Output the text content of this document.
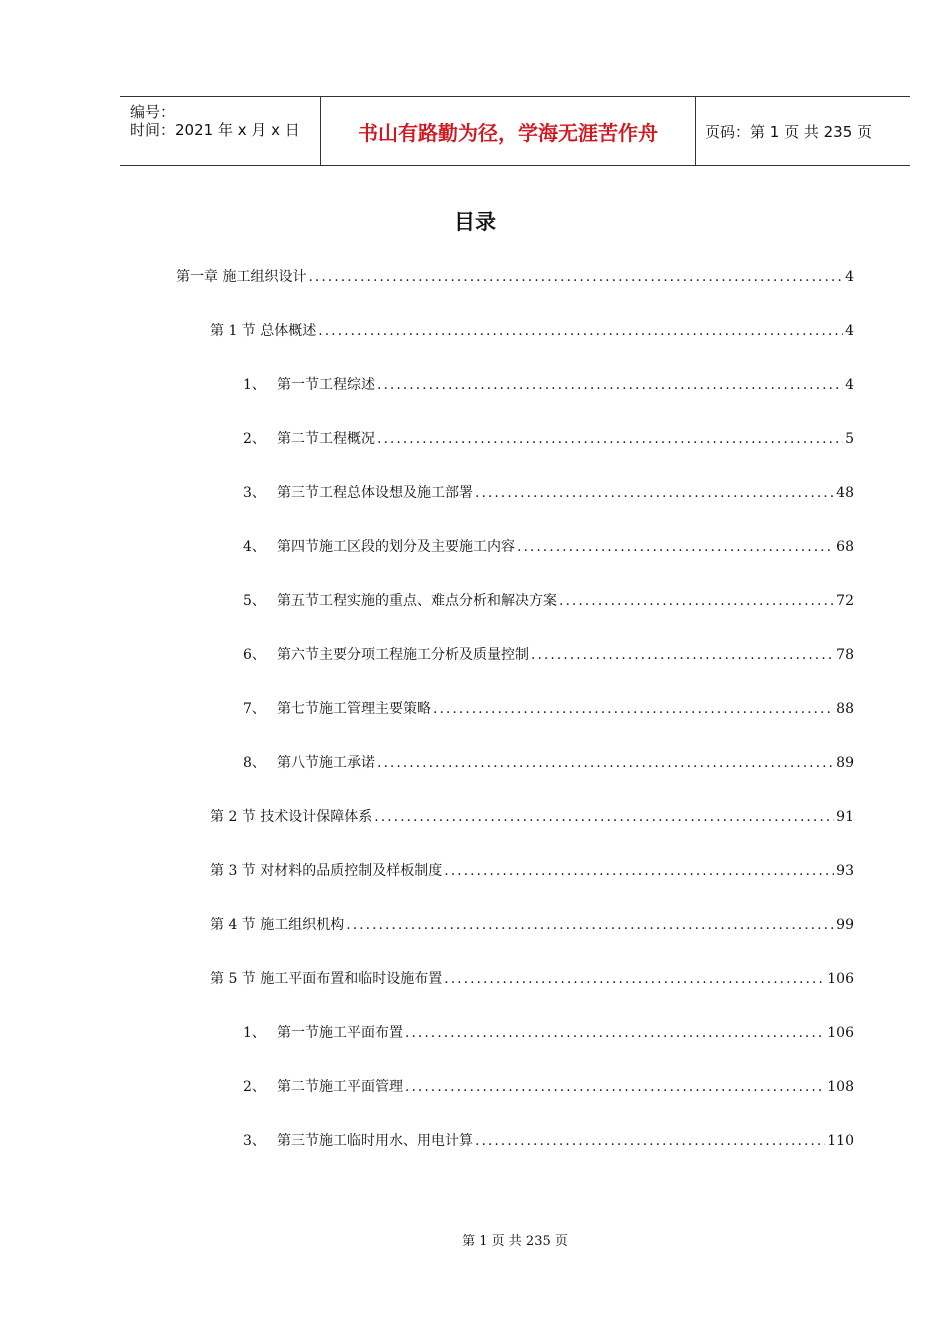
编号：
时间：2021 年 x 月 x 日	书山有路勤为径，学海无涯苦作舟	页码：第 1 页 共 235 页
目录
第一章 施工组织设计 .....	4
第 1 节 总体概述 .....	4
1、 第一节工程综述 .....	4
2、 第二节工程概况 .....	5
3、 第三节工程总体设想及施工部署 .....	48
4、 第四节施工区段的划分及主要施工内容 .....	68
5、 第五节工程实施的重点、难点分析和解决方案 .....	72
6、 第六节主要分项工程施工分析及质量控制 .....	78
7、 第七节施工管理主要策略 .....	88
8、 第八节施工承诺 .....	89
第 2 节 技术设计保障体系 .....	91
第 3 节 对材料的品质控制及样板制度 .....	93
第 4 节 施工组织机构 .....	99
第 5 节 施工平面布置和临时设施布置 .....	106
1、 第一节施工平面布置 .....	106
2、 第二节施工平面管理 .....	108
3、 第三节施工临时用水、用电计算 .....	110
第 1 页 共 235 页
